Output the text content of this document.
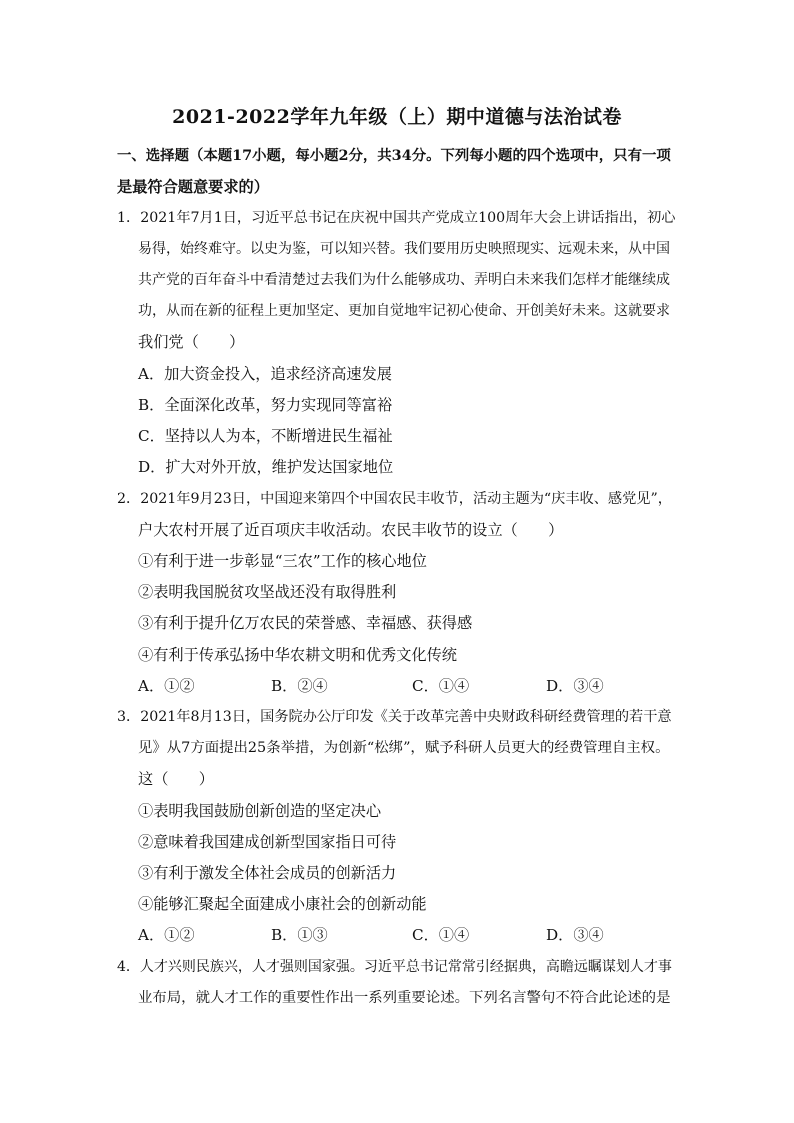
2021-2022学年九年级（上）期中道德与法治试卷
一、选择题（本题17小题，每小题2分，共34分。下列每小题的四个选项中，只有一项
是最符合题意要求的）
1．2021年7月1日，习近平总书记在庆祝中国共产党成立100周年大会上讲话指出，初心
易得，始终难守。以史为鉴，可以知兴替。我们要用历史映照现实、远观未来，从中国
共产党的百年奋斗中看清楚过去我们为什么能够成功、弄明白未来我们怎样才能继续成
功，从而在新的征程上更加坚定、更加自觉地牢记初心使命、开创美好未来。这就要求
我们党（　　）
A．加大资金投入，追求经济高速发展
B．全面深化改革，努力实现同等富裕
C．坚持以人为本，不断增进民生福祉
D．扩大对外开放，维护发达国家地位
2．2021年9月23日，中国迎来第四个中国农民丰收节，活动主题为“庆丰收、感党见”，
户大农村开展了近百项庆丰收活动。农民丰收节的设立（　　）
①有利于进一步彰显“三农”工作的核心地位
②表明我国脱贫攻坚战还没有取得胜利
③有利于提升亿万农民的荣誉感、幸福感、获得感
④有利于传承弘扬中华农耕文明和优秀文化传统
A．①②	B．②④	C．①④	D．③④
3．2021年8月13日，国务院办公厅印发《关于改革完善中央财政科研经费管理的若干意
见》从7方面提出25条举措，为创新“松绑”，赋予科研人员更大的经费管理自主权。
这（　　）
①表明我国鼓励创新创造的坚定决心
②意味着我国建成创新型国家指日可待
③有利于激发全体社会成员的创新活力
④能够汇聚起全面建成小康社会的创新动能
A．①②	B．①③	C．①④	D．③④
4．人才兴则民族兴，人才强则国家强。习近平总书记常常引经据典，高瞻远瞩谋划人才事
业布局，就人才工作的重要性作出一系列重要论述。下列名言警句不符合此论述的是
